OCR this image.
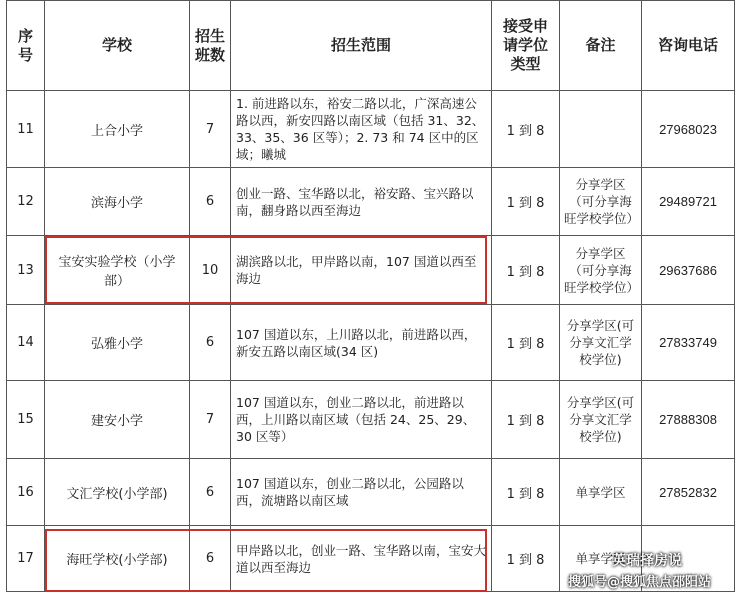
序号	学校	招生班数	招生范围	接受申请学位类型	备注	咨询电话
11	上合小学	7	1. 前进路以东，裕安二路以北，广深高速公路以西，新安四路以南区域（包括 31、32、33、35、36 区等）；2. 73 和 74 区中的区域；曦城	1 到 8		27968023
12	滨海小学	6	创业一路、宝华路以北，裕安路、宝兴路以南，翻身路以西至海边	1 到 8	分享学区（可分享海旺学校学位）	29489721
13	宝安实验学校（小学部）	10	湖滨路以北，甲岸路以南，107 国道以西至海边	1 到 8	分享学区（可分享海旺学校学位）	29637686
14	弘雅小学	6	107 国道以东，上川路以北，前进路以西，新安五路以南区域(34 区)	1 到 8	分享学区(可分享文汇学校学位)	27833749
15	建安小学	7	107 国道以东，创业二路以北，前进路以西，上川路以南区域（包括 24、25、29、30 区等）	1 到 8	分享学区(可分享文汇学校学位)	27888308
16	文汇学校(小学部)	6	107 国道以东，创业二路以北，公园路以西，流塘路以南区域	1 到 8	单享学区	27852832
17	海旺学校(小学部)	6	甲岸路以北，创业一路、宝华路以南，宝安大道以西至海边	1 到 8	单享学区	
英瑞择房说
搜狐号@搜狐焦点邵阳站
